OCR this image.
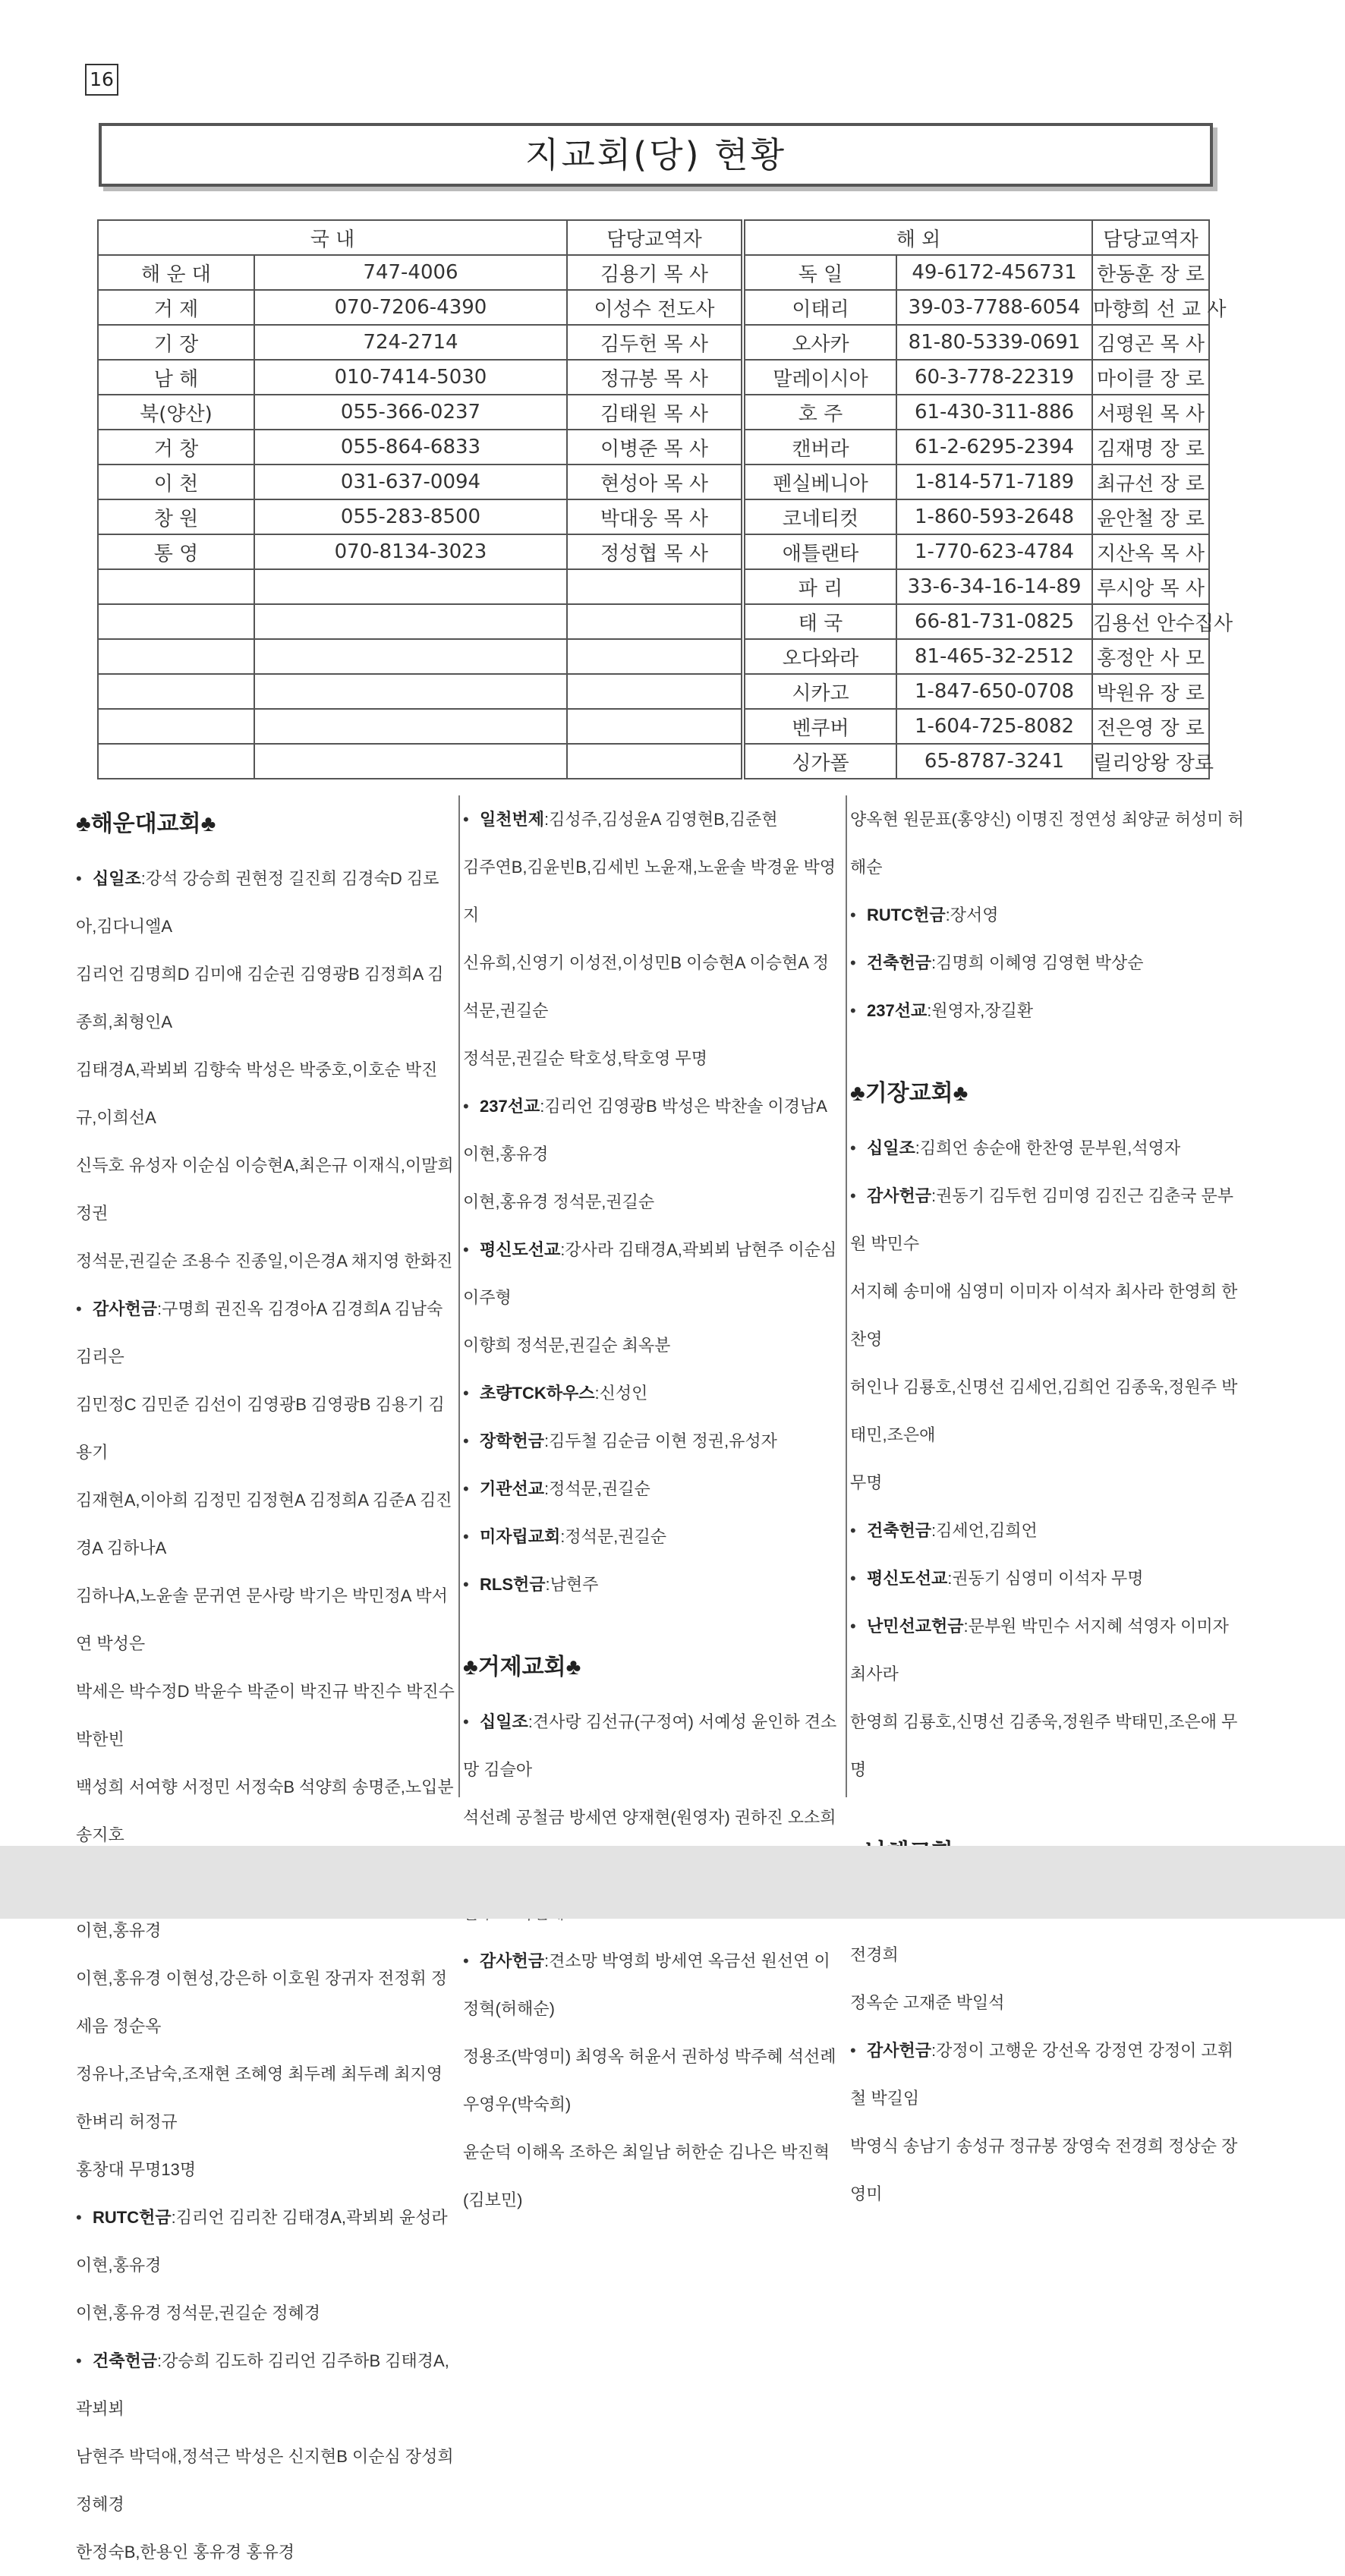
16
지교회(당) 현황
국 내		담당교역자	해 외		담당교역자
해 운 대	747-4006	김용기 목 사	독 일	49-6172-456731	한동훈 장 로
거 제	070-7206-4390	이성수 전도사	이태리	39-03-7788-6054	마향희 선 교 사
기 장	724-2714	김두헌 목 사	오사카	81-80-5339-0691	김영곤 목 사
남 해	010-7414-5030	정규봉 목 사	말레이시아	60-3-778-22319	마이클 장 로
북(양산)	055-366-0237	김태원 목 사	호 주	61-430-311-886	서평원 목 사
거 창	055-864-6833	이병준 목 사	캔버라	61-2-6295-2394	김재명 장 로
이 천	031-637-0094	현성아 목 사	펜실베니아	1-814-571-7189	최규선 장 로
창 원	055-283-8500	박대웅 목 사	코네티컷	1-860-593-2648	윤안철 장 로
통 영	070-8134-3023	정성협 목 사	애틀랜타	1-770-623-4784	지산옥 목 사
			파 리	33-6-34-16-14-89	루시앙 목 사
			태 국	66-81-731-0825	김용선 안수집사
			오다와라	81-465-32-2512	홍정안 사 모
			시카고	1-847-650-0708	박원유 장 로
			벤쿠버	1-604-725-8082	전은영 장 로
			싱가폴	65-8787-3241	릴리앙왕 장로
♣해운대교회♣
• 십일조:강석 강승희 권현정 길진희 김경숙D 김로아,김다니엘A
김리언 김명희D 김미애 김순권 김영광B 김정희A 김종희,최형인A
김태경A,곽뵈뵈 김향숙 박성은 박중호,이호순 박진규,이희선A
신득호 유성자 이순심 이승현A,최은규 이재식,이말희 정권
정석문,권길순 조용수 진종일,이은경A 채지영 한화진
• 감사헌금:구명희 권진옥 김경아A 김경희A 김남숙 김리은
김민정C 김민준 김선이 김영광B 김영광B 김용기 김용기
김재현A,이아희 김정민 김정현A 김정희A 김준A 김진경A 김하나A
김하나A,노윤솔 문귀연 문사랑 박기은 박민정A 박서연 박성은
박세은 박수정D 박윤수 박준이 박진규 박진수 박진수 박한빈
백성희 서여향 서정민 서정숙B 석양희 송명준,노입분 송지호
이현,홍유경
이현,홍유경 이현성,강은하 이호원 장귀자 전정휘 정세음 정순옥
정유나,조남숙,조재현 조혜영 최두례 최두례 최지영 한벼리 허정규
홍창대 무명13명
• RUTC헌금:김리언 김리찬 김태경A,곽뵈뵈 윤성라 이현,홍유경
이현,홍유경 정석문,권길순 정혜경
• 건축헌금:강승희 김도하 김리언 김주하B 김태경A,곽뵈뵈
남현주 박덕애,정석근 박성은 신지현B 이순심 장성희 정혜경
한정숙B,한용인 홍유경 홍유경
• 일천번제:김성주,김성윤A 김영현B,김준현
김주연B,김윤빈B,김세빈 노윤재,노윤솔 박경윤 박영지
신유희,신영기 이성전,이성민B 이승현A 이승현A 정석문,권길순
정석문,권길순 탁호성,탁호영 무명
• 237선교:김리언 김영광B 박성은 박찬솔 이경남A 이현,홍유경
이현,홍유경 정석문,권길순
• 평신도선교:강사라 김태경A,곽뵈뵈 남현주 이순심 이주형
이향희 정석문,권길순 최옥분
• 초량TCK하우스:신성인
• 장학헌금:김두철 김순금 이현 정권,유성자
• 기관선교:정석문,권길순
• 미자립교회:정석문,권길순
• RLS헌금:남현주
♣거제교회♣
• 십일조:견사랑 김선규(구정여) 서예성 윤인하 견소망 김슬아
석선례 공철금 방세연 양재현(원영자) 권하진 오소희
• 감사헌금:견소망 박영희 방세연 옥금선 원선연 이정혁(허해순)
정용조(박영미) 최영옥 허윤서 권하성 박주혜 석선례 우영우(박숙희)
윤순덕 이해옥 조하은 최일남 허한순 김나은 박진혁(김보민)
양옥현 원문표(홍양신) 이명진 정연성 최양균 허성미 허해순
• RUTC헌금:장서영
• 건축헌금:김명희 이혜영 김영현 박상순
• 237선교:원영자,장길환
♣기장교회♣
• 십일조:김희언 송순애 한찬영 문부원,석영자
• 감사헌금:권동기 김두헌 김미영 김진근 김춘국 문부원 박민수
서지혜 송미애 심영미 이미자 이석자 최사라 한영희 한찬영
허인나 김룡호,신명선 김세언,김희언 김종욱,정원주 박태민,조은애
무명
• 건축헌금:김세언,김희언
• 평신도선교:권동기 심영미 이석자 무명
• 난민선교헌금:문부원 박민수 서지혜 석영자 이미자 최사라
한영희 김룡호,신명선 김종욱,정원주 박태민,조은애 무명
전경희
정옥순 고재준 박일석
• 감사헌금:강정이 고행운 강선옥 강정연 강정이 고휘철 박길임
박영식 송남기 송성규 정규봉 장영숙 전경희 정상순 장영미
